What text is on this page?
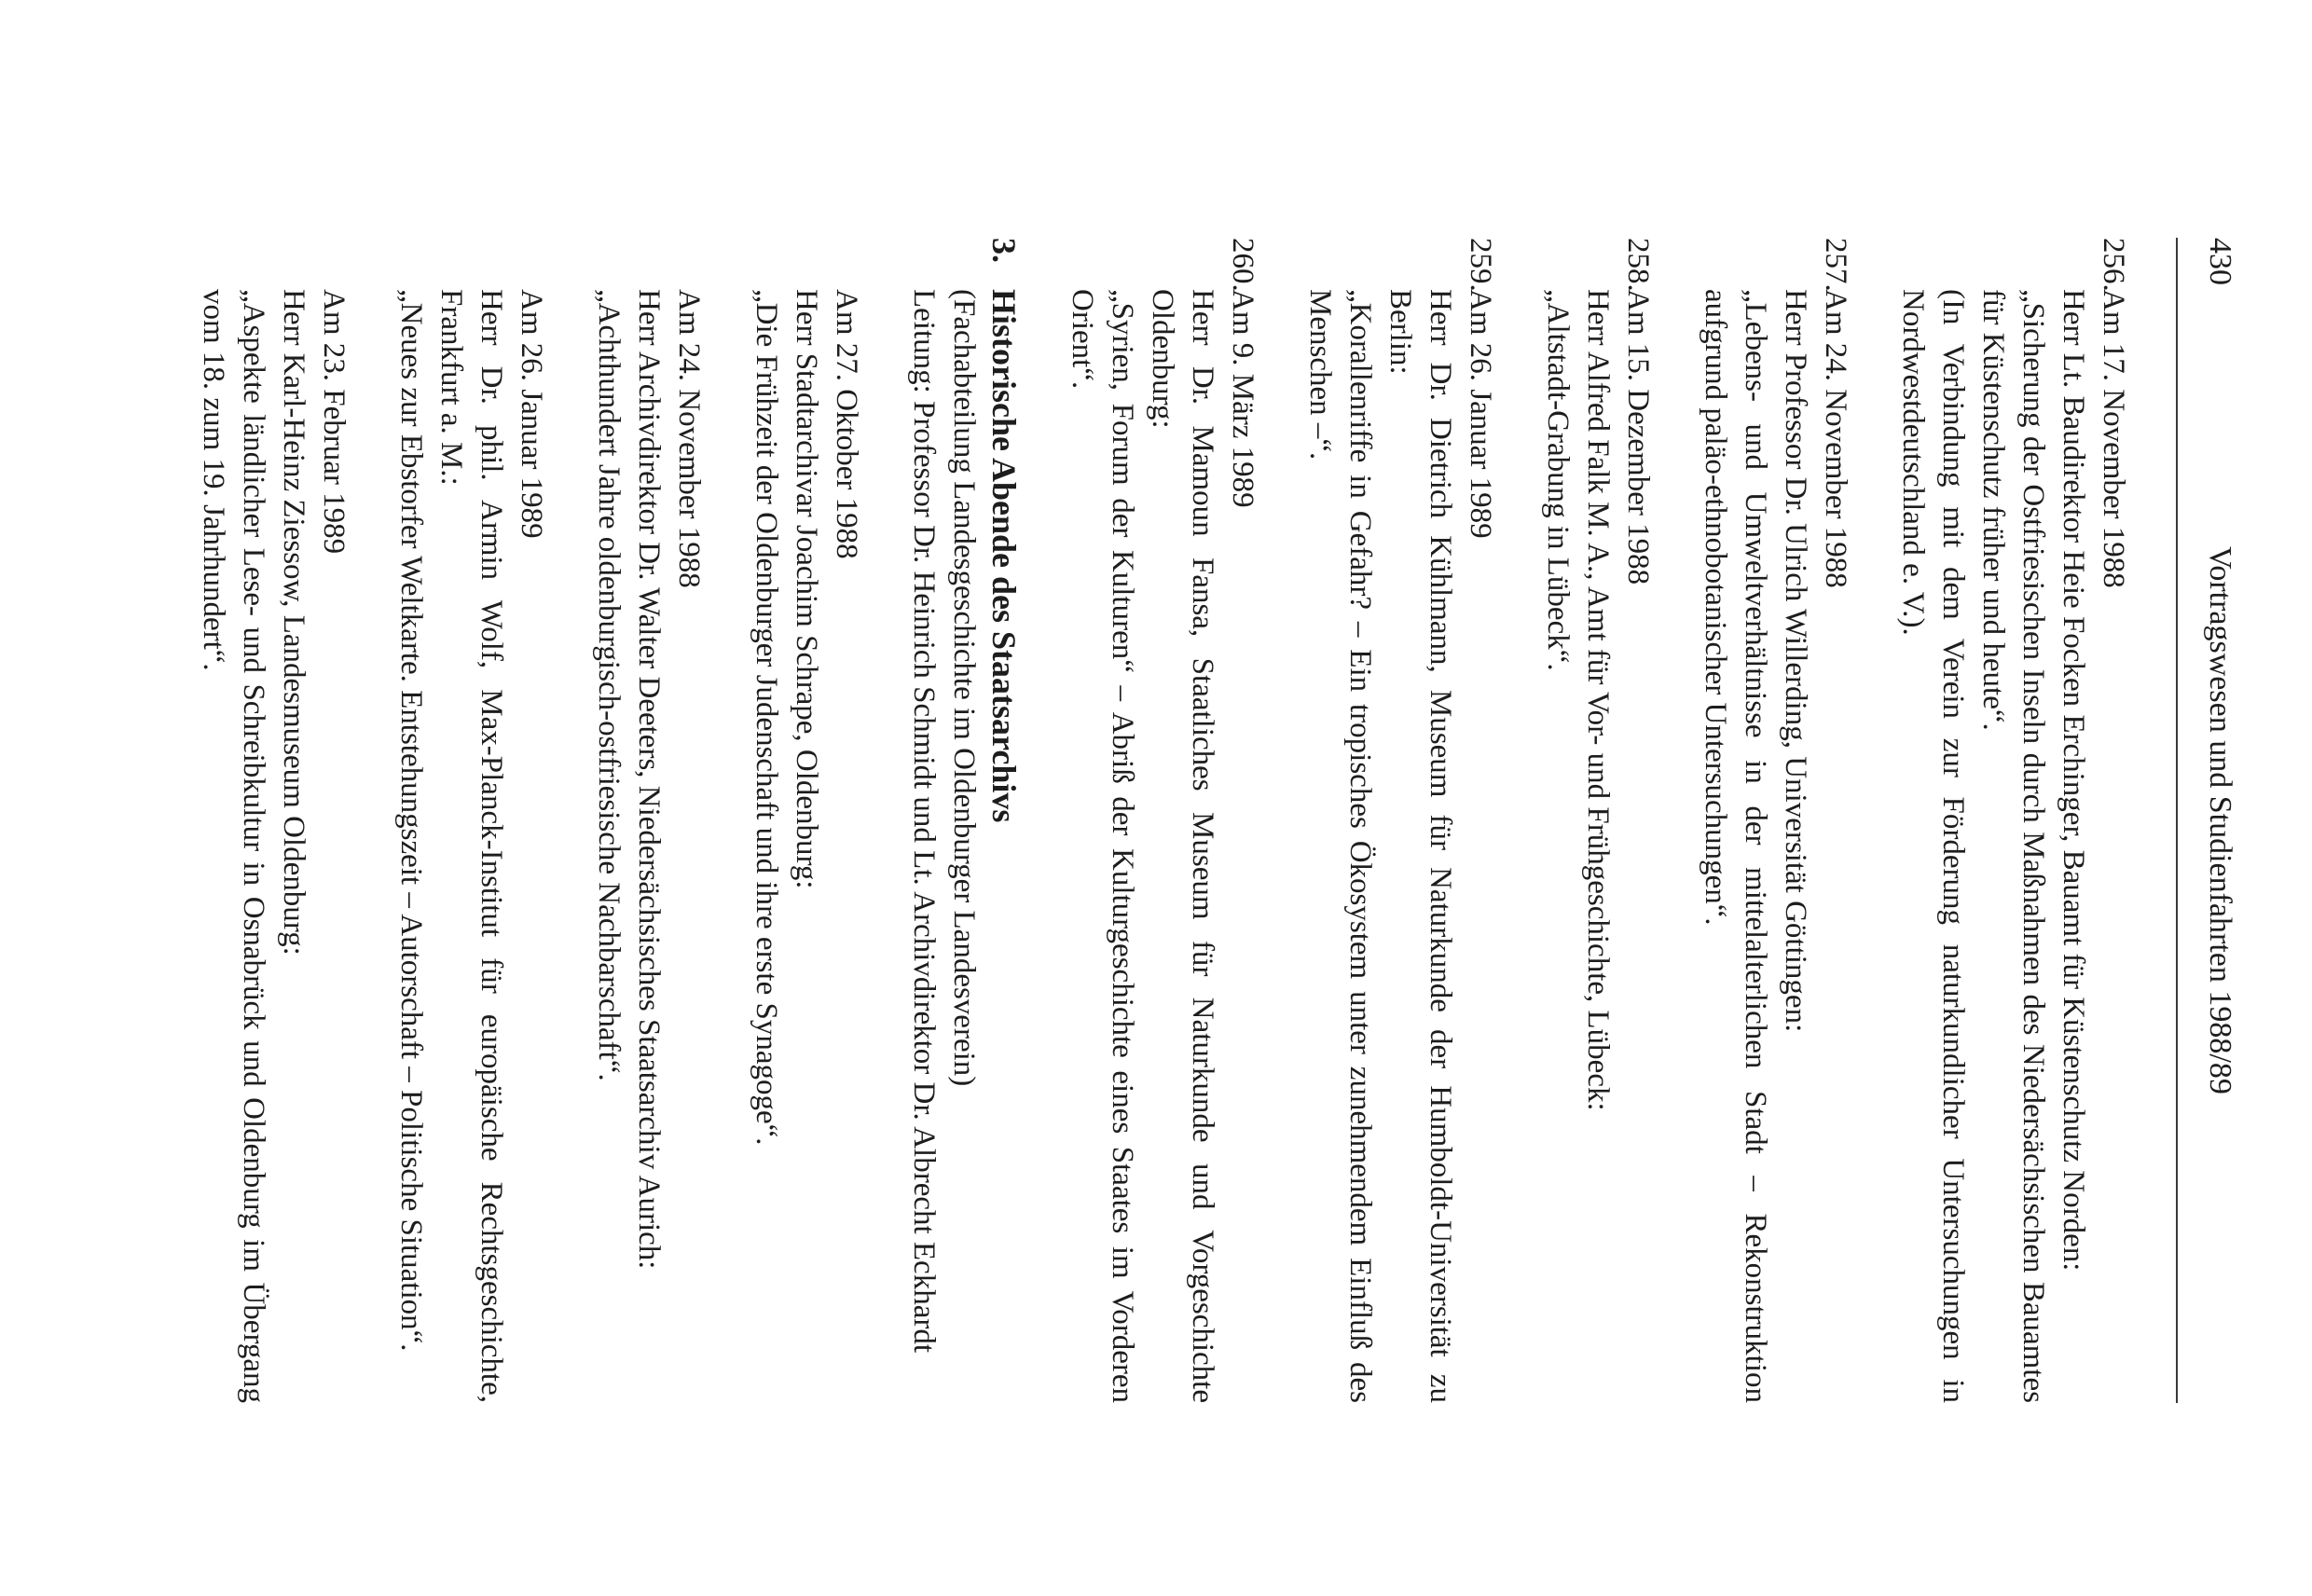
430
Vortragswesen und Studienfahrten 1988/89
256.

Am 17. November 1988

Herr Lt. Baudirektor Heie Focken Erchinger, Bauamt für Küstenschutz Norden:

„Sicherung der Ostfriesischen Inseln durch Maßnahmen des Niedersächsischen Bauamtes für Küstenschutz früher und heute“.

(In Verbindung mit dem Verein zur Förderung naturkundlicher Untersuchungen in Nordwestdeutschland e. V.).

257.

Am 24. November 1988

Herr Professor Dr. Ulrich Willerding, Universität Göttingen:

„Lebens- und Umweltverhältnisse in der mittelalterlichen Stadt – Rekonstruktion aufgrund paläo-ethnobotanischer Untersuchungen“.

258.

Am 15. Dezember 1988

Herr Alfred Falk M. A., Amt für Vor- und Frühgeschichte, Lübeck:

„Altstadt-Grabung in Lübeck“.

259.

Am 26. Januar 1989

Herr Dr. Dietrich Kühlmann, Museum für Naturkunde der Humboldt-Universität zu Berlin:

„Korallenriffe in Gefahr? – Ein tropisches Ökosystem unter zunehmendem Einfluß des Menschen –“.

260.

Am 9. März 1989

Herr Dr. Mamoun Fansa, Staatliches Museum für Naturkunde und Vorgeschichte Oldenburg:

„Syrien, Forum der Kulturen“ – Abriß der Kulturgeschichte eines Staates im Vorderen Orient“.

3.
Historische Abende des Staatsarchivs
(Fachabteilung Landesgeschichte im Oldenburger Landesverein)
Leitung: Professor Dr. Heinrich Schmidt und Lt. Archivdirektor Dr. Albrecht Eckhardt

Am 27. Oktober 1988

Herr Stadtarchivar Joachim Schrape, Oldenburg:

„Die Frühzeit der Oldenburger Judenschaft und ihre erste Synagoge“.

Am 24. November 1988

Herr Archivdirektor Dr. Walter Deeters, Niedersächsisches Staatsarchiv Aurich:

„Achthundert Jahre oldenburgisch-ostfriesische Nachbarschaft“.

Am 26. Januar 1989

Herr Dr. phil. Armin Wolf, Max-Planck-Institut für europäische Rechtsgeschichte, Frankfurt a. M.:

„Neues zur Ebstorfer Weltkarte. Entstehungszeit – Autorschaft – Politische Situation“.

Am 23. Februar 1989

Herr Karl-Heinz Ziessow, Landesmuseum Oldenburg:

„Aspekte ländlicher Lese- und Schreibkultur in Osnabrück und Oldenburg im Übergang vom 18. zum 19. Jahrhundert“.
